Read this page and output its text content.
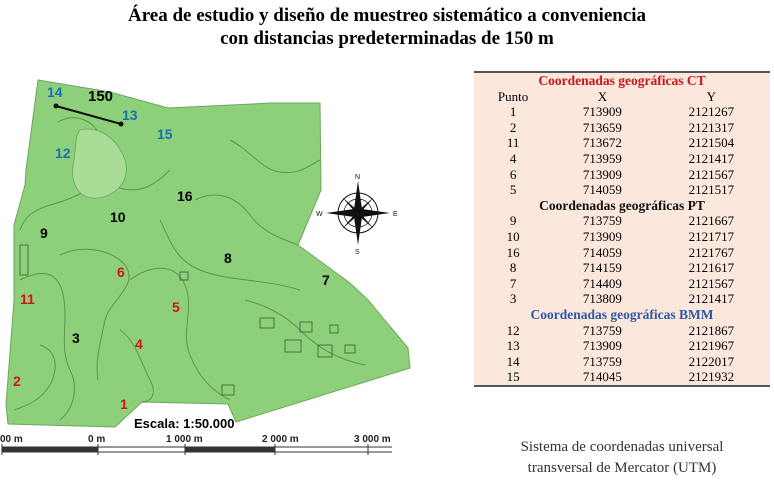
Área de estudio y diseño de muestreo sistemático a conveniencia
con distancias predeterminadas de 150 m
150
14
13
15
12
16
10
9
8
7
3
6
11	5
4
2
1
N
S
E
W
Escala: 1:50.000
00 m	0 m	1 000 m	2 000 m	3 000 m
Coordenadas geográficas CT		
Punto	X	Y
1	713909	2121267
2	713659	2121317
11	713672	2121504
4	713959	2121417
6	713909	2121567
5	714059	2121517
Coordenadas geográficas PT		
9	713759	2121667
10	713909	2121717
16	714059	2121767
8	714159	2121617
7	714409	2121567
3	713809	2121417
Coordenadas geográficas BMM		
12	713759	2121867
13	713909	2121967
14	713759	2122017
15	714045	2121932
Sistema de coordenadas universal
transversal de Mercator (UTM)
